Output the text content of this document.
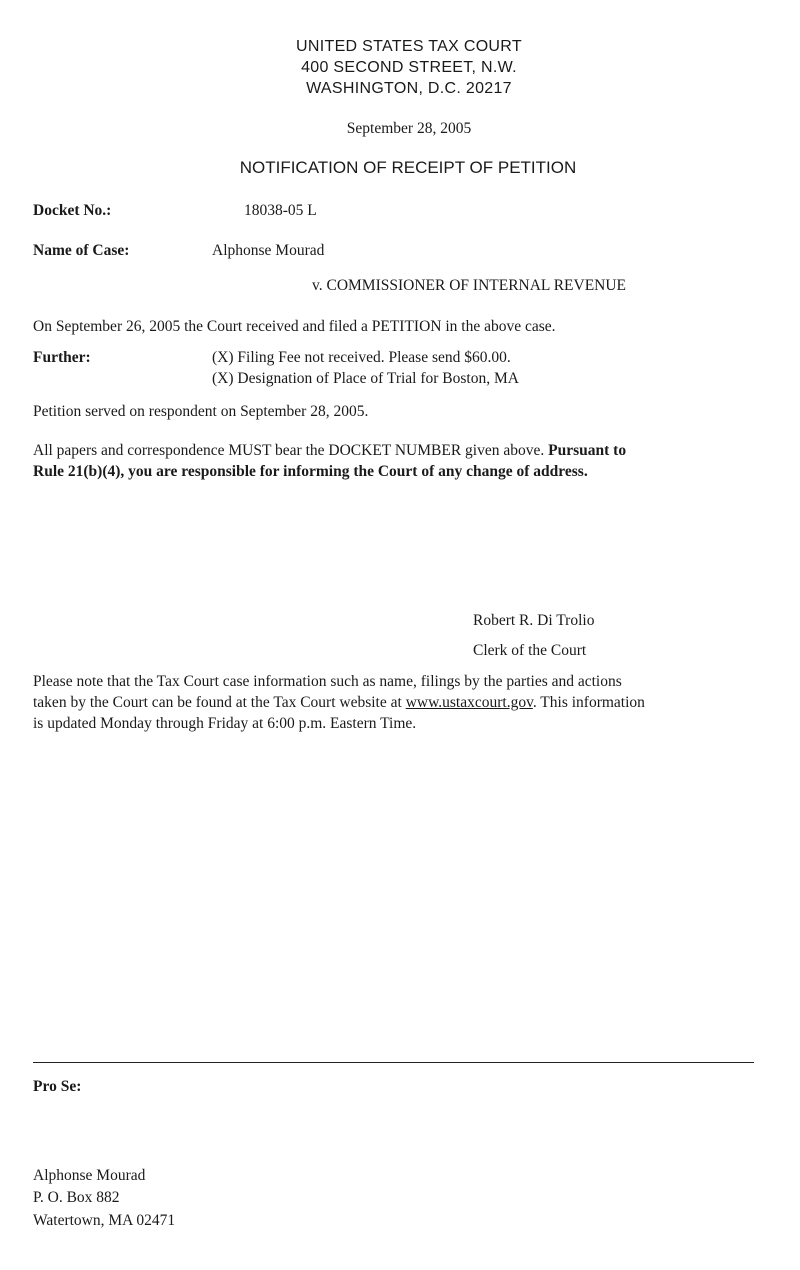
UNITED STATES TAX COURT
400 SECOND STREET, N.W.
WASHINGTON, D.C. 20217
September 28, 2005
NOTIFICATION OF RECEIPT OF PETITION
Docket No.:	18038-05 L
Name of Case:	Alphonse Mourad
v. COMMISSIONER OF INTERNAL REVENUE
On September 26, 2005 the Court received and filed a PETITION in the above case.
Further:	(X) Filing Fee not received. Please send $60.00.
(X) Designation of Place of Trial for Boston, MA
Petition served on respondent on September 28, 2005.
All papers and correspondence MUST bear the DOCKET NUMBER given above. Pursuant to
Rule 21(b)(4), you are responsible for informing the Court of any change of address.
Robert R. Di Trolio
Clerk of the Court
Please note that the Tax Court case information such as name, filings by the parties and actions
taken by the Court can be found at the Tax Court website at www.ustaxcourt.gov. This information
is updated Monday through Friday at 6:00 p.m. Eastern Time.
Pro Se:
Alphonse Mourad
P. O. Box 882
Watertown, MA 02471
